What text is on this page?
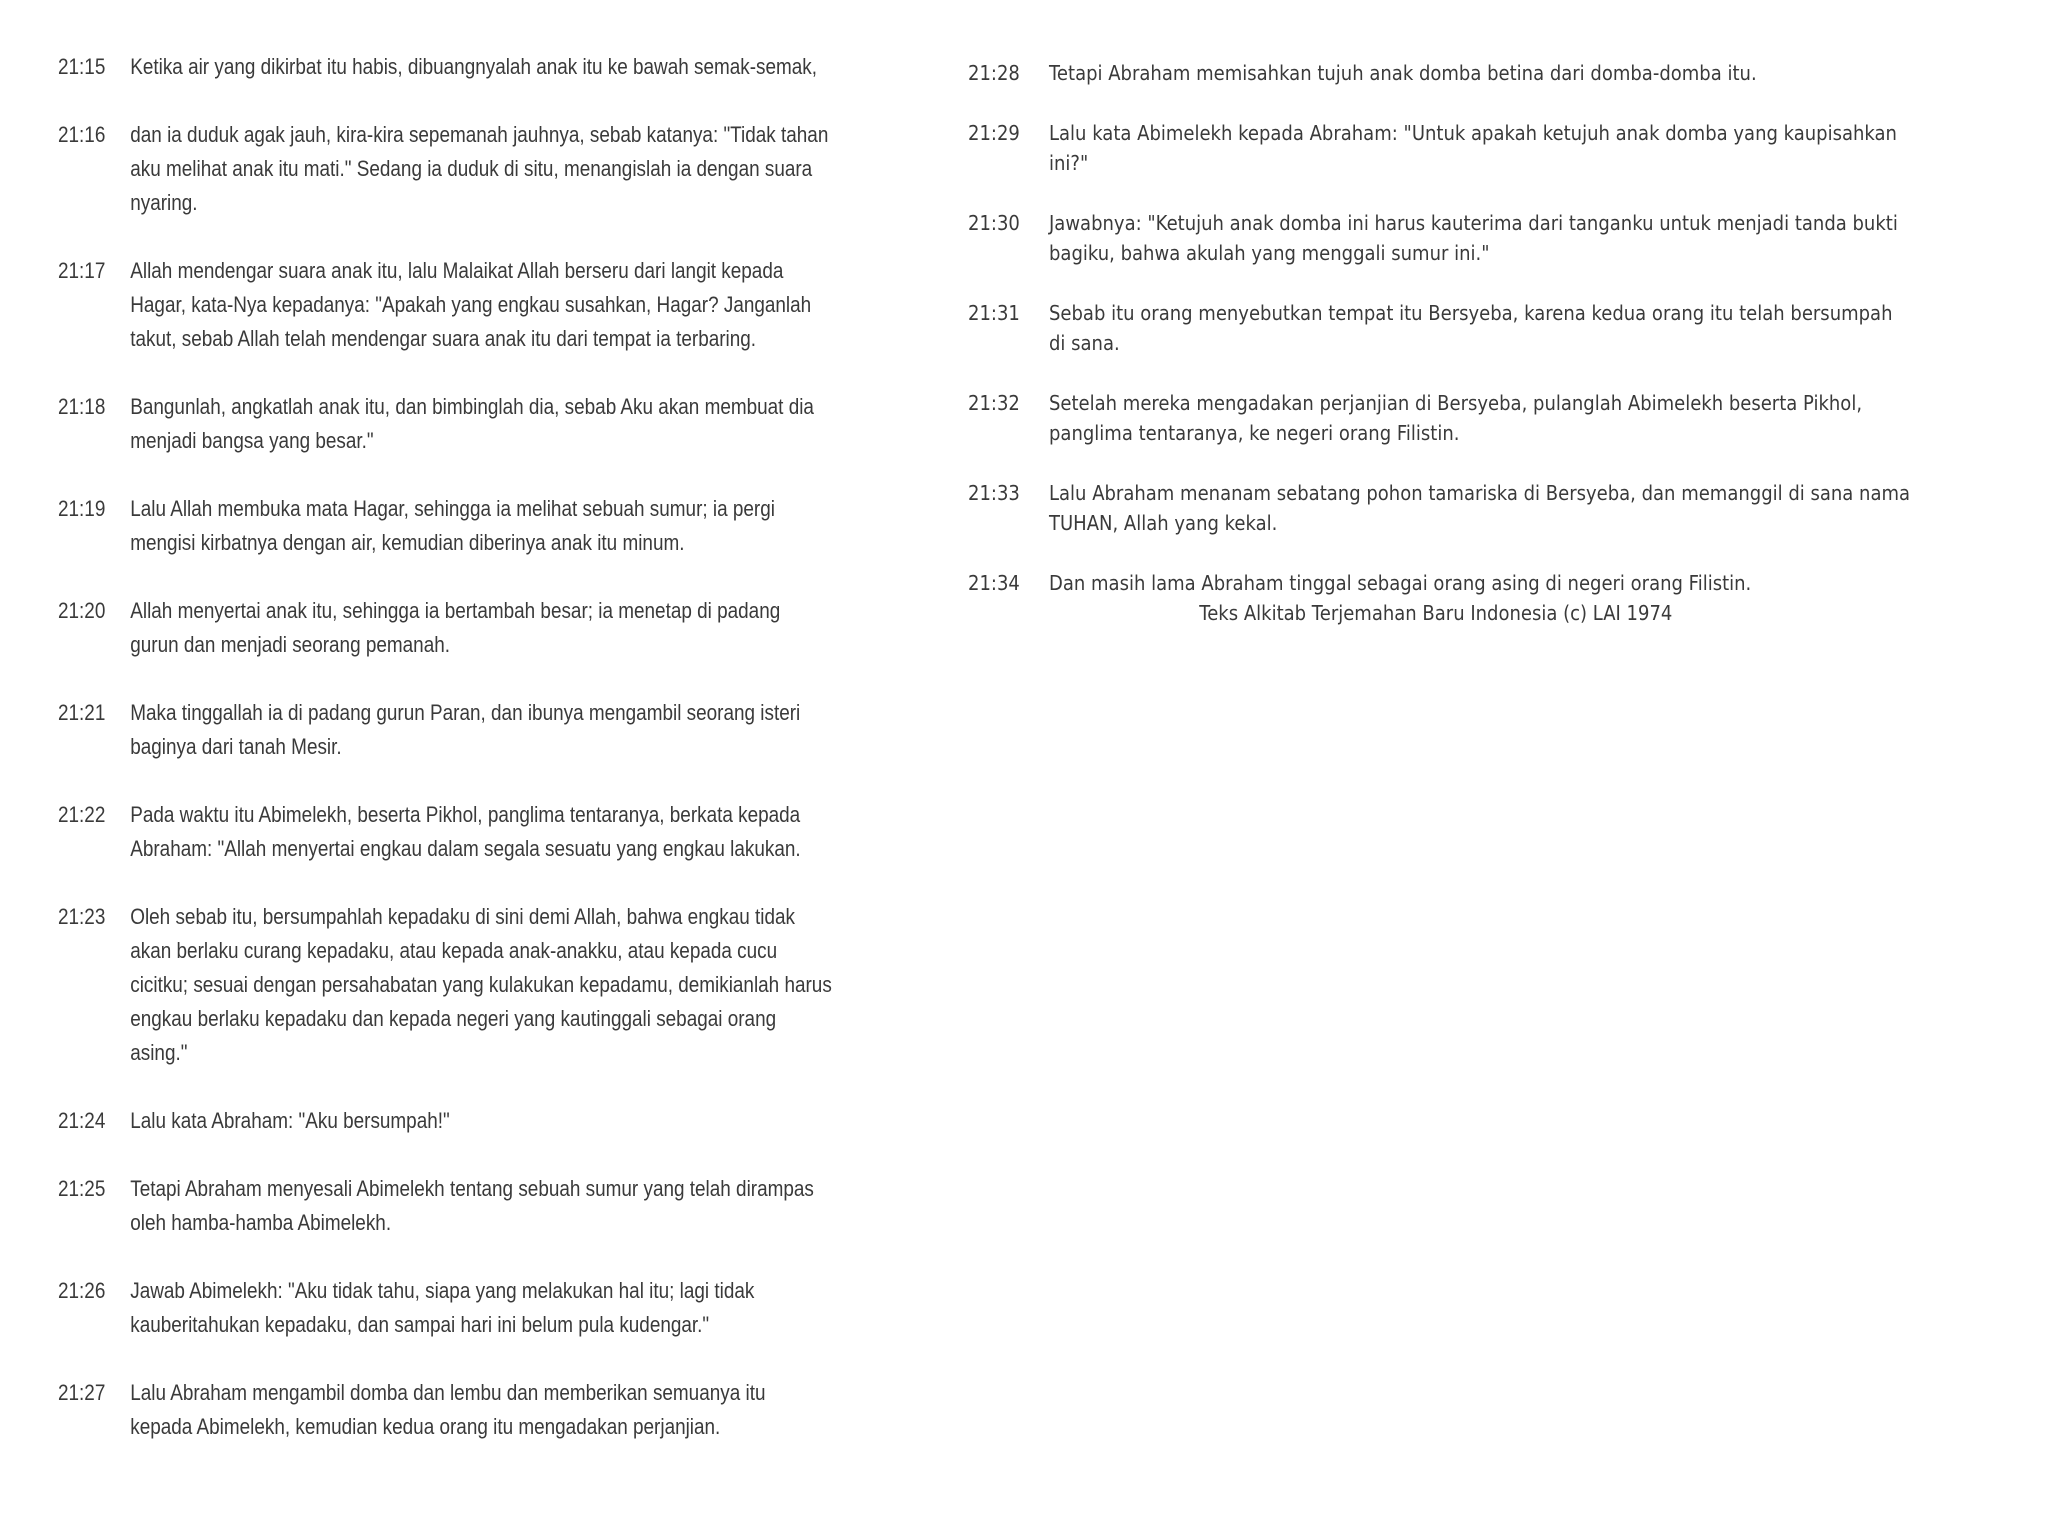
21:15	Ketika air yang dikirbat itu habis, dibuangnyalah anak itu ke bawah semak-semak,
21:16	dan ia duduk agak jauh, kira-kira sepemanah jauhnya, sebab katanya: "Tidak tahan aku melihat anak itu mati." Sedang ia duduk di situ, menangislah ia dengan suara nyaring.
21:17	Allah mendengar suara anak itu, lalu Malaikat Allah berseru dari langit kepada Hagar, kata-Nya kepadanya: "Apakah yang engkau susahkan, Hagar? Janganlah takut, sebab Allah telah mendengar suara anak itu dari tempat ia terbaring.
21:18	Bangunlah, angkatlah anak itu, dan bimbinglah dia, sebab Aku akan membuat dia menjadi bangsa yang besar."
21:19	Lalu Allah membuka mata Hagar, sehingga ia melihat sebuah sumur; ia pergi mengisi kirbatnya dengan air, kemudian diberinya anak itu minum.
21:20	Allah menyertai anak itu, sehingga ia bertambah besar; ia menetap di padang gurun dan menjadi seorang pemanah.
21:21	Maka tinggallah ia di padang gurun Paran, dan ibunya mengambil seorang isteri baginya dari tanah Mesir.
21:22	Pada waktu itu Abimelekh, beserta Pikhol, panglima tentaranya, berkata kepada Abraham: "Allah menyertai engkau dalam segala sesuatu yang engkau lakukan.
21:23	Oleh sebab itu, bersumpahlah kepadaku di sini demi Allah, bahwa engkau tidak akan berlaku curang kepadaku, atau kepada anak-anakku, atau kepada cucu cicitku; sesuai dengan persahabatan yang kulakukan kepadamu, demikianlah harus engkau berlaku kepadaku dan kepada negeri yang kautinggali sebagai orang asing."
21:24	Lalu kata Abraham: "Aku bersumpah!"
21:25	Tetapi Abraham menyesali Abimelekh tentang sebuah sumur yang telah dirampas oleh hamba-hamba Abimelekh.
21:26	Jawab Abimelekh: "Aku tidak tahu, siapa yang melakukan hal itu; lagi tidak kauberitahukan kepadaku, dan sampai hari ini belum pula kudengar."
21:27	Lalu Abraham mengambil domba dan lembu dan memberikan semuanya itu kepada Abimelekh, kemudian kedua orang itu mengadakan perjanjian.
21:28	Tetapi Abraham memisahkan tujuh anak domba betina dari domba-domba itu.
21:29	Lalu kata Abimelekh kepada Abraham: "Untuk apakah ketujuh anak domba yang kaupisahkan ini?"
21:30	Jawabnya: "Ketujuh anak domba ini harus kauterima dari tanganku untuk menjadi tanda bukti bagiku, bahwa akulah yang menggali sumur ini."
21:31	Sebab itu orang menyebutkan tempat itu Bersyeba, karena kedua orang itu telah bersumpah di sana.
21:32	Setelah mereka mengadakan perjanjian di Bersyeba, pulanglah Abimelekh beserta Pikhol, panglima tentaranya, ke negeri orang Filistin.
21:33	Lalu Abraham menanam sebatang pohon tamariska di Bersyeba, dan memanggil di sana nama TUHAN, Allah yang kekal.
21:34	Dan masih lama Abraham tinggal sebagai orang asing di negeri orang Filistin.
Teks Alkitab Terjemahan Baru Indonesia (c) LAI 1974
